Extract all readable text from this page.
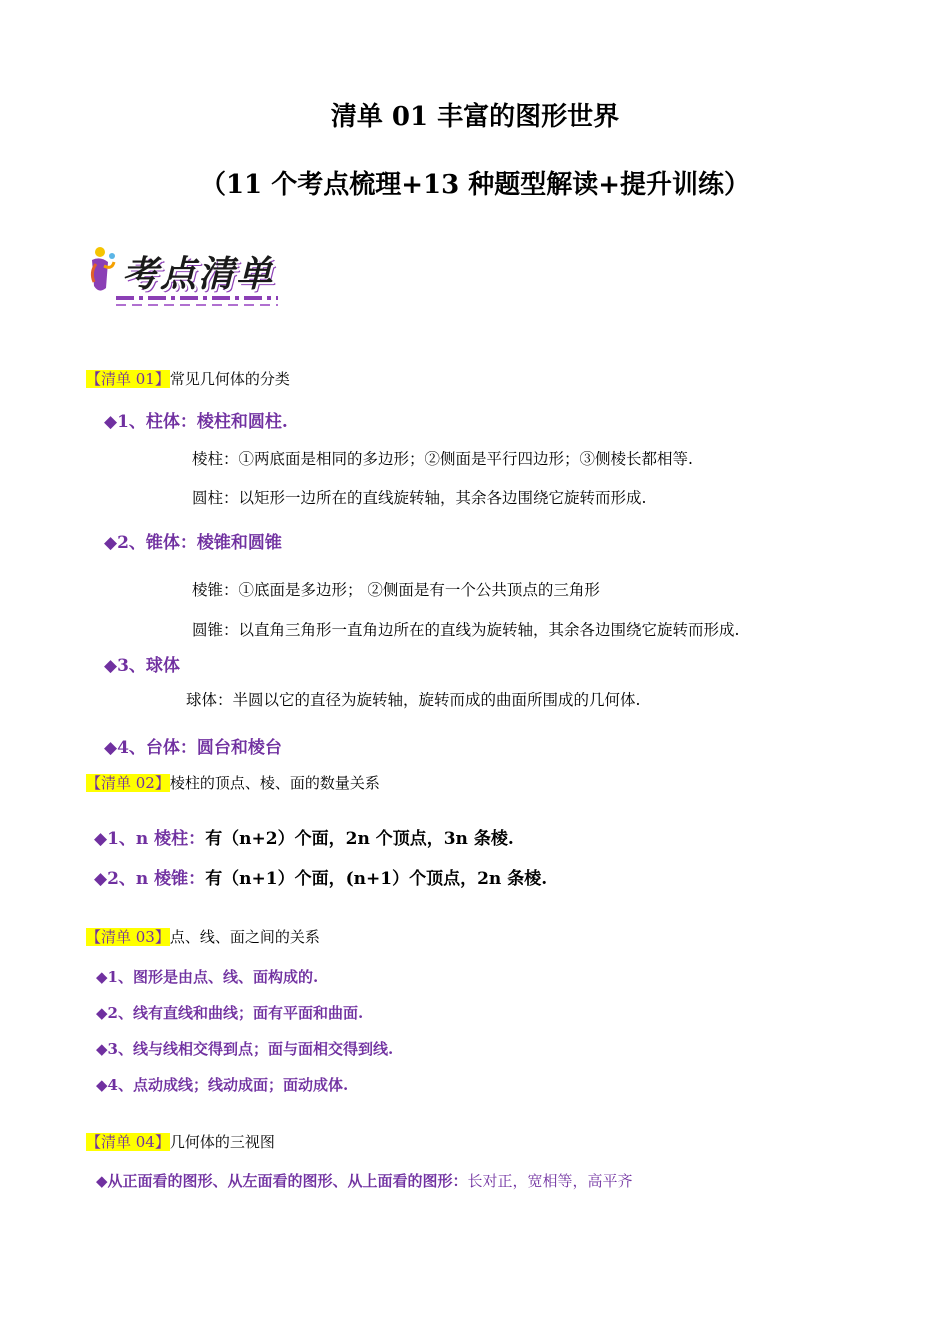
清单 01 丰富的图形世界
（11 个考点梳理+13 种题型解读+提升训练）
考点清单
【清单 01】常见几何体的分类
◆1、柱体：棱柱和圆柱.
棱柱：①两底面是相同的多边形；②侧面是平行四边形；③侧棱长都相等.
圆柱：以矩形一边所在的直线旋转轴，其余各边围绕它旋转而形成.
◆2、锥体：棱锥和圆锥
棱锥：①底面是多边形； ②侧面是有一个公共顶点的三角形
圆锥：以直角三角形一直角边所在的直线为旋转轴，其余各边围绕它旋转而形成.
◆3、球体
球体：半圆以它的直径为旋转轴，旋转而成的曲面所围成的几何体.
◆4、台体：圆台和棱台
【清单 02】棱柱的顶点、棱、面的数量关系
◆1、n 棱柱：有（n+2）个面，2n 个顶点，3n 条棱.
◆2、n 棱锥：有（n+1）个面，(n+1）个顶点，2n 条棱.
【清单 03】点、线、面之间的关系
◆1、图形是由点、线、面构成的.
◆2、线有直线和曲线；面有平面和曲面.
◆3、线与线相交得到点；面与面相交得到线.
◆4、点动成线；线动成面；面动成体.
【清单 04】几何体的三视图
◆从正面看的图形、从左面看的图形、从上面看的图形：长对正，宽相等，高平齐
